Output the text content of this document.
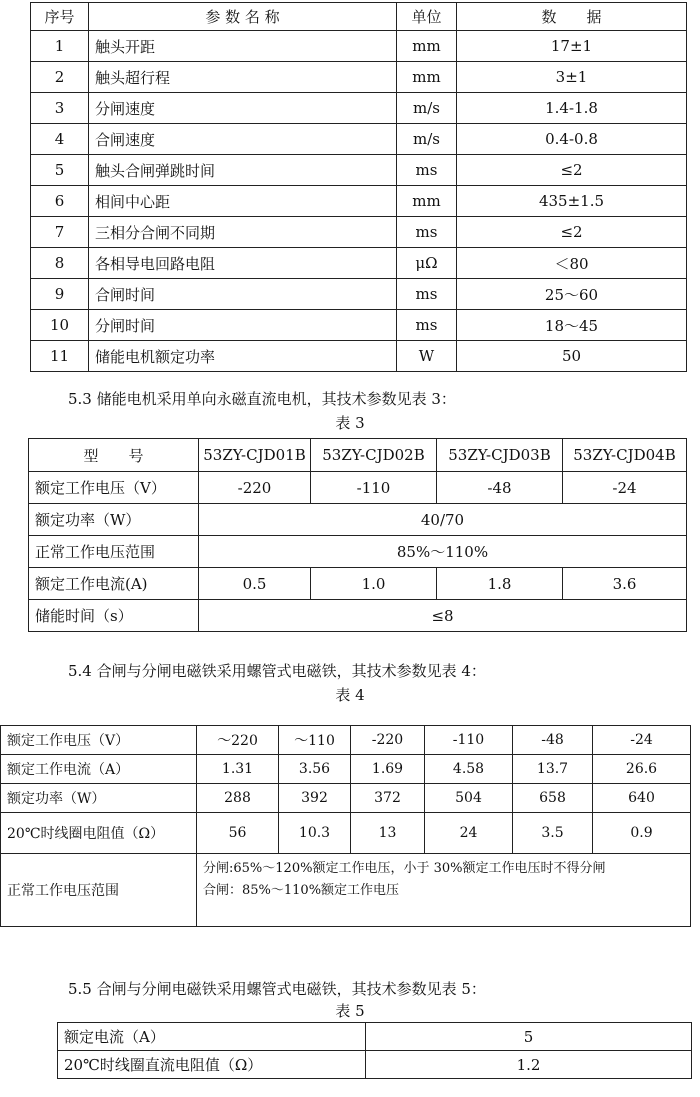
序号	参 数 名 称	单位	数　　据
1	触头开距	mm	17±1
2	触头超行程	mm	3±1
3	分闸速度	m/s	1.4-1.8
4	合闸速度	m/s	0.4-0.8
5	触头合闸弹跳时间	ms	≤2
6	相间中心距	mm	435±1.5
7	三相分合闸不同期	ms	≤2
8	各相导电回路电阻	μΩ	＜80
9	合闸时间	ms	25～60
10	分闸时间	ms	18～45
11	储能电机额定功率	W	50
5.3 储能电机采用单向永磁直流电机，其技术参数见表 3：
表 3
型　　号	53ZY-CJD01B	53ZY-CJD02B	53ZY-CJD03B	53ZY-CJD04B
额定工作电压（V）	-220	-110	-48	-24
额定功率（W）	40/70			
正常工作电压范围	85%～110%			
额定工作电流(A)	0.5	1.0	1.8	3.6
储能时间（s）	≤8			
5.4 合闸与分闸电磁铁采用螺管式电磁铁，其技术参数见表 4：
表 4
额定工作电压（V）	～220	～110	-220	-110	-48	-24
额定工作电流（A）	1.31	3.56	1.69	4.58	13.7	26.6
额定功率（W）	288	392	372	504	658	640
20℃时线圈电阻值（Ω）	56	10.3	13	24	3.5	0.9
正常工作电压范围	分闸:65%～120%额定工作电压，小于 30%额定工作电压时不得分闸
合闸：85%～110%额定工作电压					
5.5 合闸与分闸电磁铁采用螺管式电磁铁，其技术参数见表 5：
表 5
额定电流（A）	5
20℃时线圈直流电阻值（Ω）	1.2
